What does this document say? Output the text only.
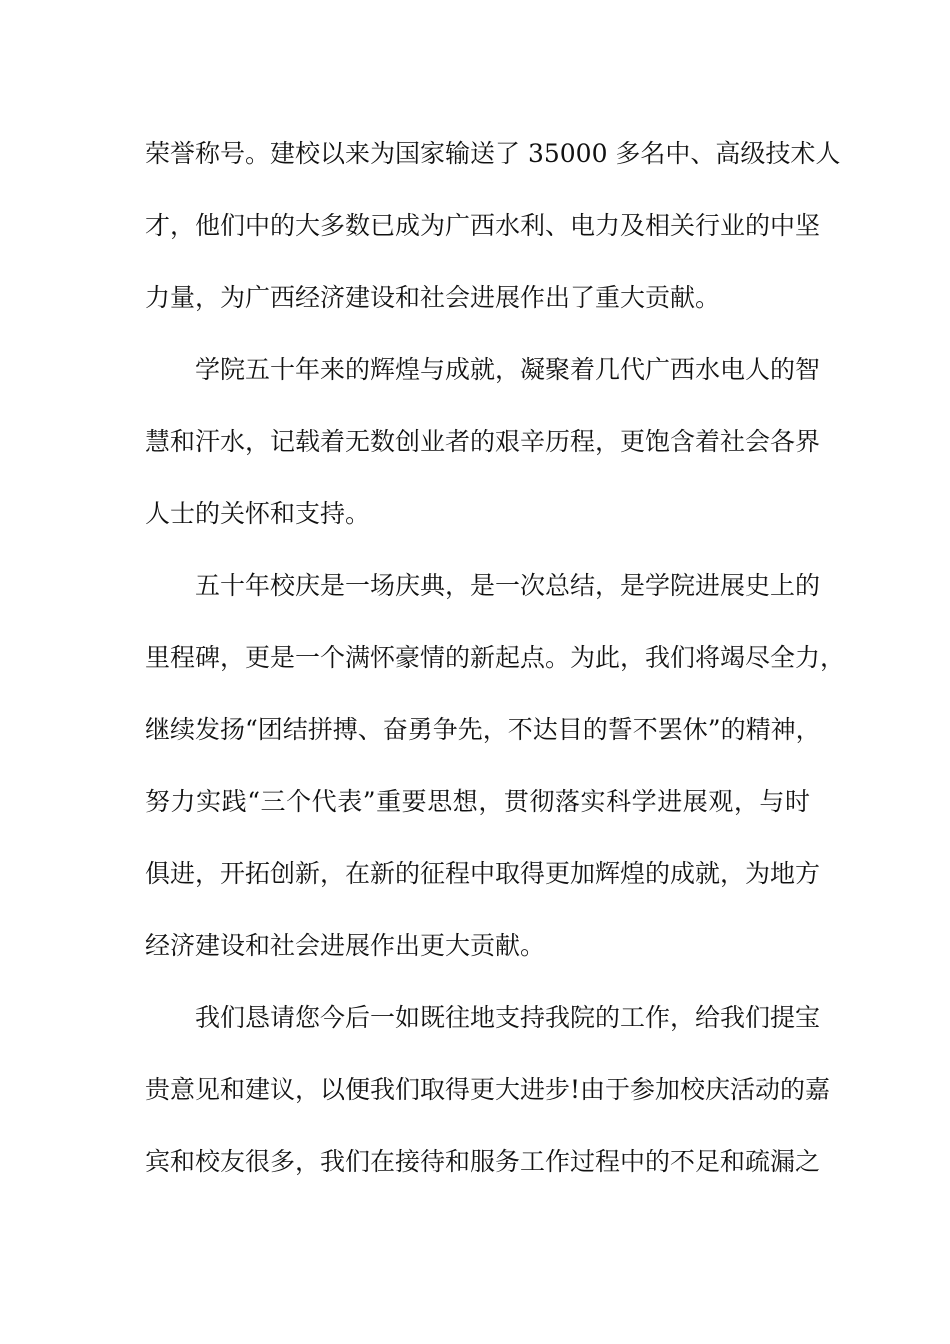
荣誉称号。建校以来为国家输送了 35000 多名中、高级技术人
才，他们中的大多数已成为广西水利、电力及相关行业的中坚
力量，为广西经济建设和社会进展作出了重大贡献。
学院五十年来的辉煌与成就，凝聚着几代广西水电人的智
慧和汗水，记载着无数创业者的艰辛历程，更饱含着社会各界
人士的关怀和支持。
五十年校庆是一场庆典，是一次总结，是学院进展史上的
里程碑，更是一个满怀豪情的新起点。为此，我们将竭尽全力，
继续发扬“团结拼搏、奋勇争先，不达目的誓不罢休”的精神，
努力实践“三个代表”重要思想，贯彻落实科学进展观，与时
俱进，开拓创新，在新的征程中取得更加辉煌的成就，为地方
经济建设和社会进展作出更大贡献。
我们恳请您今后一如既往地支持我院的工作，给我们提宝
贵意见和建议，以便我们取得更大进步!由于参加校庆活动的嘉
宾和校友很多，我们在接待和服务工作过程中的不足和疏漏之
